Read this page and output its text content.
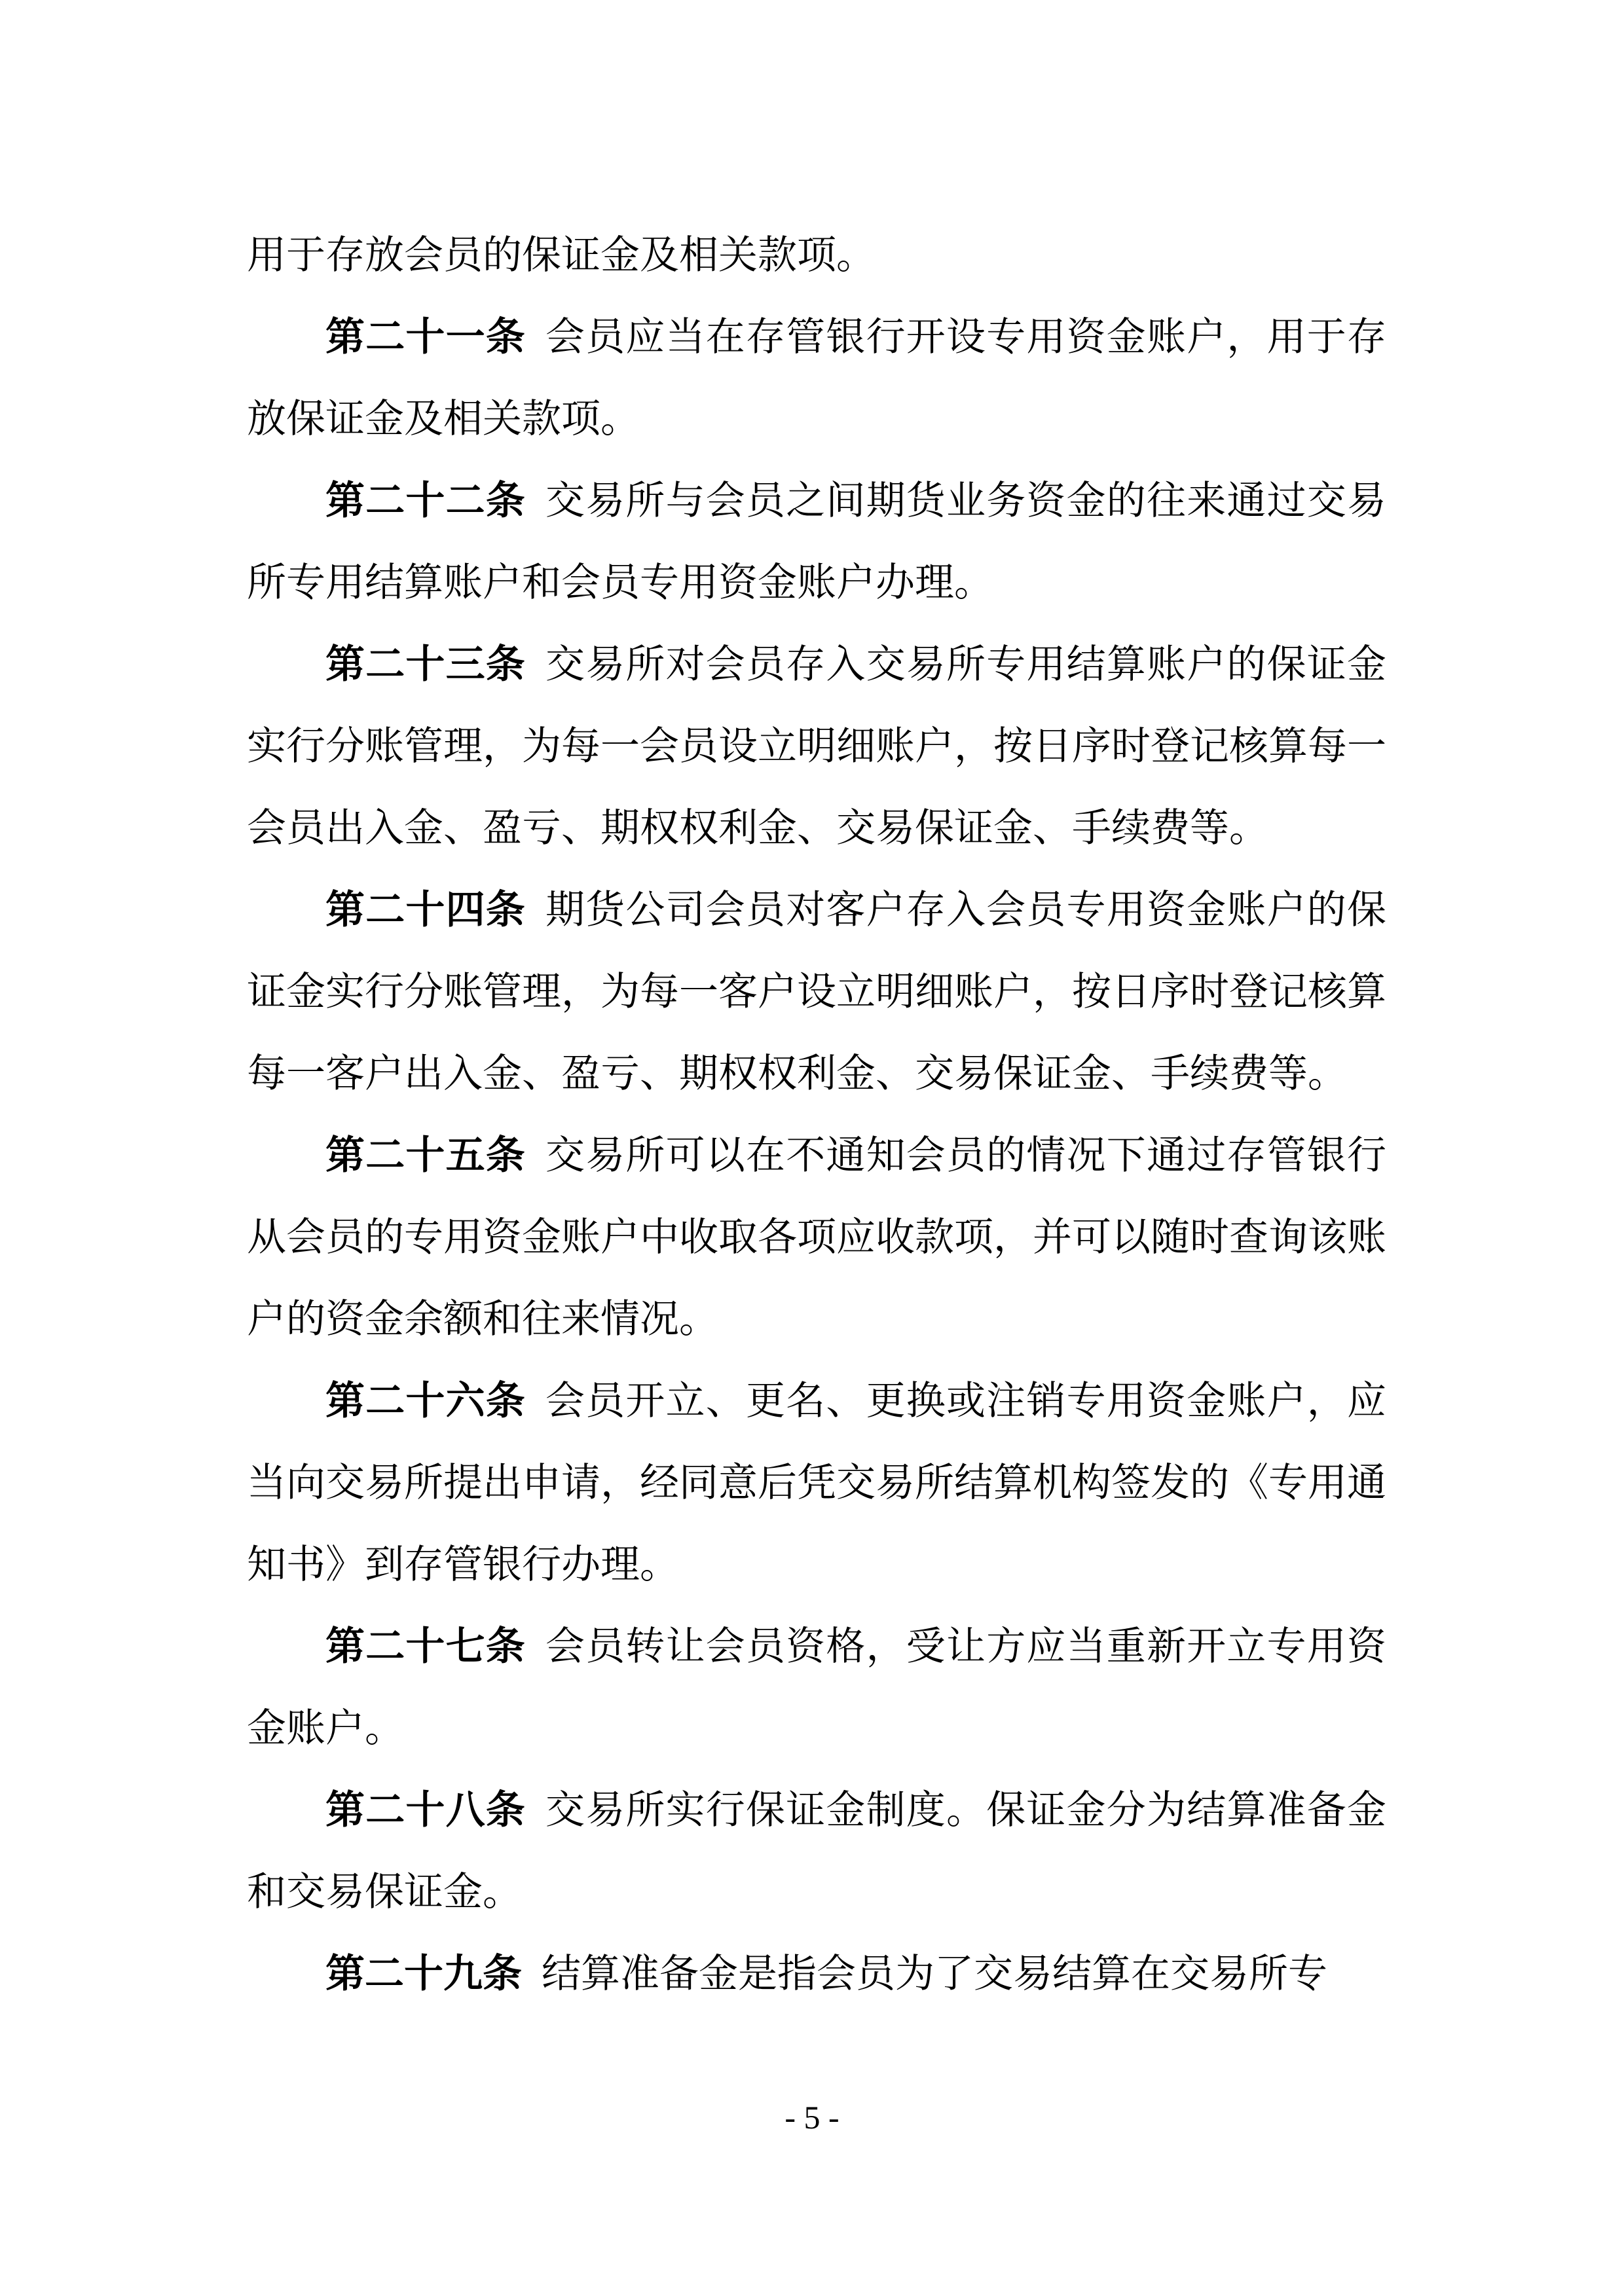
用于存放会员的保证金及相关款项。

第二十一条 会员应当在存管银行开设专用资金账户，用于存放保证金及相关款项。

第二十二条 交易所与会员之间期货业务资金的往来通过交易所专用结算账户和会员专用资金账户办理。

第二十三条 交易所对会员存入交易所专用结算账户的保证金实行分账管理，为每一会员设立明细账户，按日序时登记核算每一会员出入金、盈亏、期权权利金、交易保证金、手续费等。

第二十四条 期货公司会员对客户存入会员专用资金账户的保证金实行分账管理，为每一客户设立明细账户，按日序时登记核算每一客户出入金、盈亏、期权权利金、交易保证金、手续费等。

第二十五条 交易所可以在不通知会员的情况下通过存管银行从会员的专用资金账户中收取各项应收款项，并可以随时查询该账户的资金余额和往来情况。

第二十六条 会员开立、更名、更换或注销专用资金账户，应当向交易所提出申请，经同意后凭交易所结算机构签发的《专用通知书》到存管银行办理。

第二十七条 会员转让会员资格，受让方应当重新开立专用资金账户。

第二十八条 交易所实行保证金制度。保证金分为结算准备金和交易保证金。

第二十九条 结算准备金是指会员为了交易结算在交易所专

- 5 -
